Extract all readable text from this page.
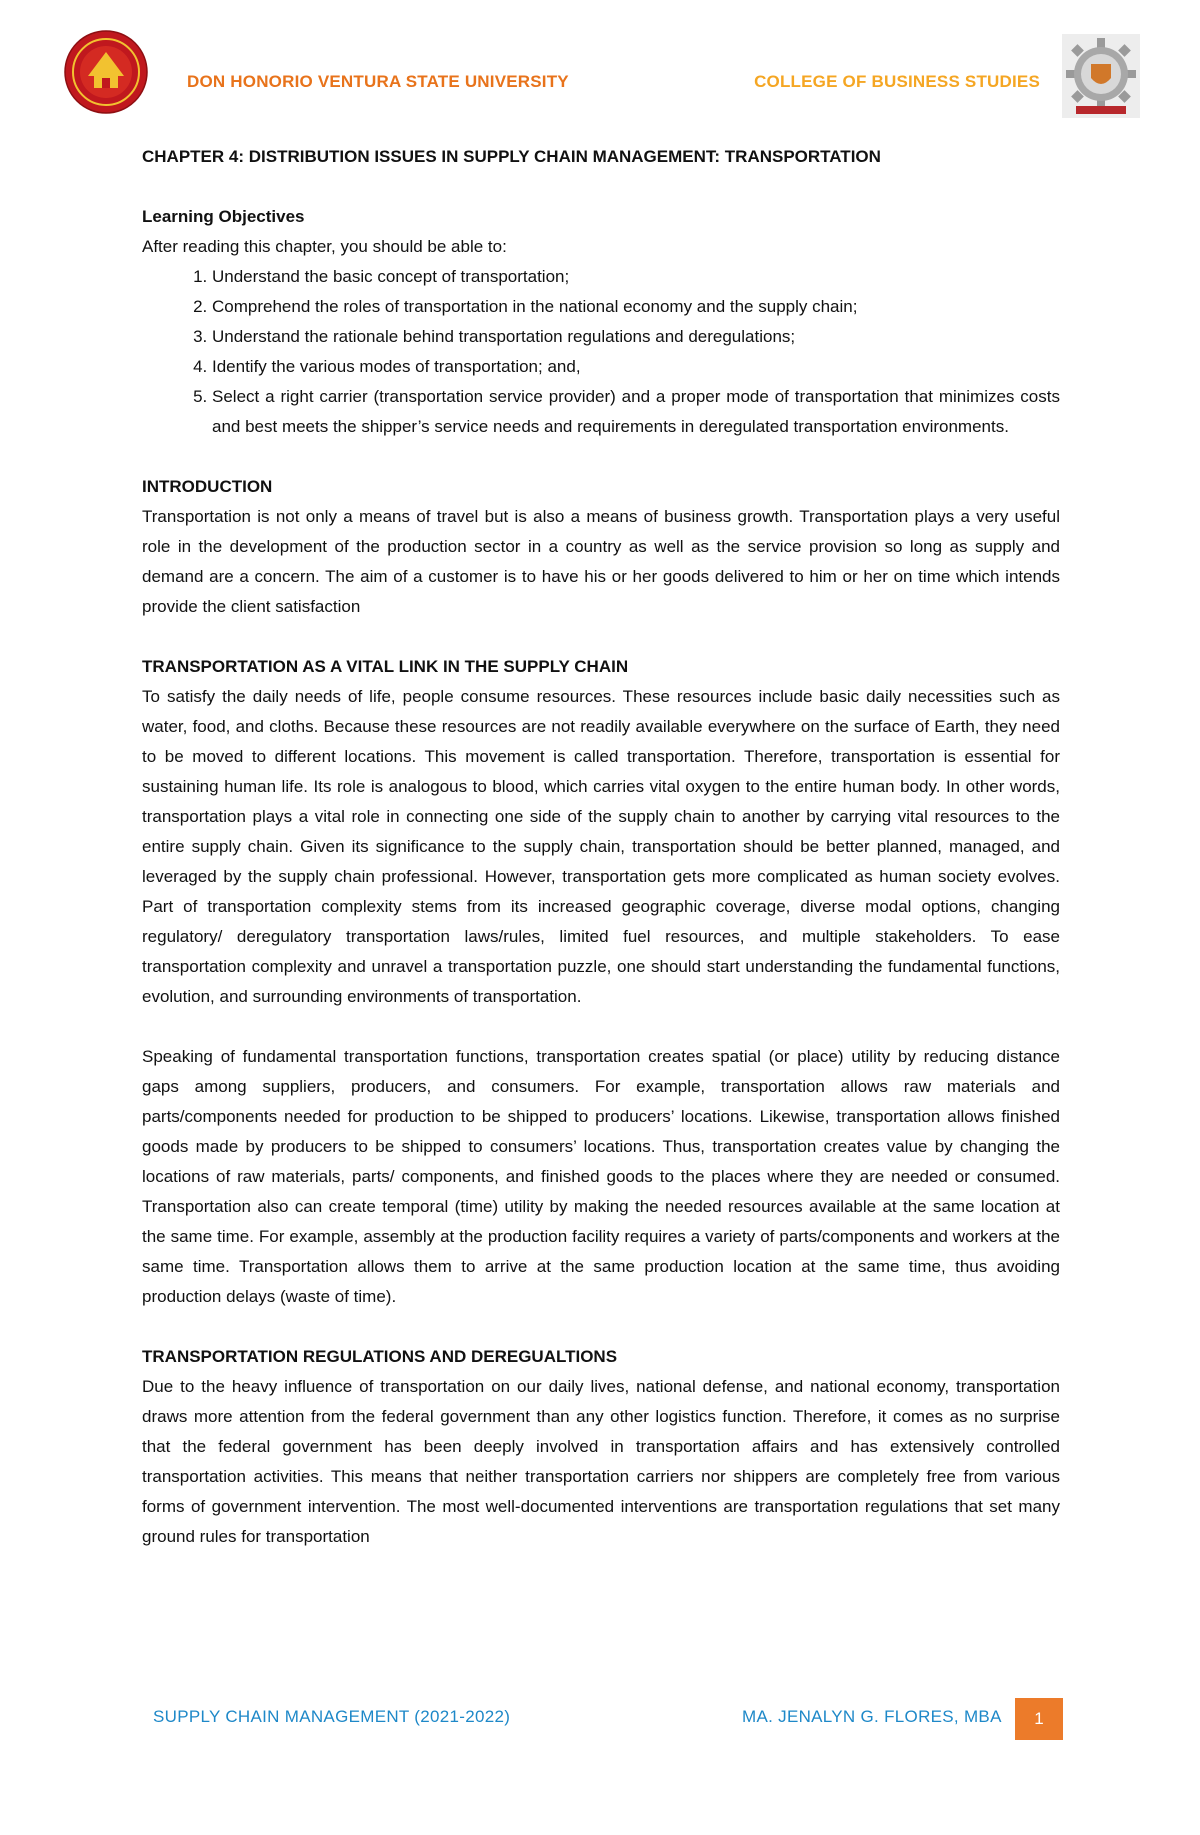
DON HONORIO VENTURA STATE UNIVERSITY	COLLEGE OF BUSINESS STUDIES

CHAPTER 4: DISTRIBUTION ISSUES IN SUPPLY CHAIN MANAGEMENT: TRANSPORTATION

Learning Objectives

After reading this chapter, you should be able to:

1. Understand the basic concept of transportation;
2. Comprehend the roles of transportation in the national economy and the supply chain;
3. Understand the rationale behind transportation regulations and deregulations;
4. Identify the various modes of transportation; and,
5. Select a right carrier (transportation service provider) and a proper mode of transportation that minimizes costs and best meets the shipper’s service needs and requirements in deregulated transportation environments.

INTRODUCTION

Transportation is not only a means of travel but is also a means of business growth. Transportation plays a very useful role in the development of the production sector in a country as well as the service provision so long as supply and demand are a concern. The aim of a customer is to have his or her goods delivered to him or her on time which intends provide the client satisfaction

TRANSPORTATION AS A VITAL LINK IN THE SUPPLY CHAIN

To satisfy the daily needs of life, people consume resources. These resources include basic daily necessities such as water, food, and cloths. Because these resources are not readily available everywhere on the surface of Earth, they need to be moved to different locations. This movement is called transportation. Therefore, transportation is essential for sustaining human life. Its role is analogous to blood, which carries vital oxygen to the entire human body. In other words, transportation plays a vital role in connecting one side of the supply chain to another by carrying vital resources to the entire supply chain. Given its significance to the supply chain, transportation should be better planned, managed, and leveraged by the supply chain professional. However, transportation gets more complicated as human society evolves. Part of transportation complexity stems from its increased geographic coverage, diverse modal options, changing regulatory/ deregulatory transportation laws/rules, limited fuel resources, and multiple stakeholders. To ease transportation complexity and unravel a transportation puzzle, one should start understanding the fundamental functions, evolution, and surrounding environments of transportation.

Speaking of fundamental transportation functions, transportation creates spatial (or place) utility by reducing distance gaps among suppliers, producers, and consumers. For example, transportation allows raw materials and parts/components needed for production to be shipped to producers’ locations. Likewise, transportation allows finished goods made by producers to be shipped to consumers’ locations. Thus, transportation creates value by changing the locations of raw materials, parts/ components, and finished goods to the places where they are needed or consumed. Transportation also can create temporal (time) utility by making the needed resources available at the same location at the same time. For example, assembly at the production facility requires a variety of parts/components and workers at the same time. Transportation allows them to arrive at the same production location at the same time, thus avoiding production delays (waste of time).

TRANSPORTATION REGULATIONS AND DEREGUALTIONS

Due to the heavy influence of transportation on our daily lives, national defense, and national economy, transportation draws more attention from the federal government than any other logistics function. Therefore, it comes as no surprise that the federal government has been deeply involved in transportation affairs and has extensively controlled transportation activities. This means that neither transportation carriers nor shippers are completely free from various forms of government intervention. The most well-documented interventions are transportation regulations that set many ground rules for transportation

SUPPLY CHAIN MANAGEMENT (2021-2022)	MA. JENALYN G. FLORES, MBA	1
